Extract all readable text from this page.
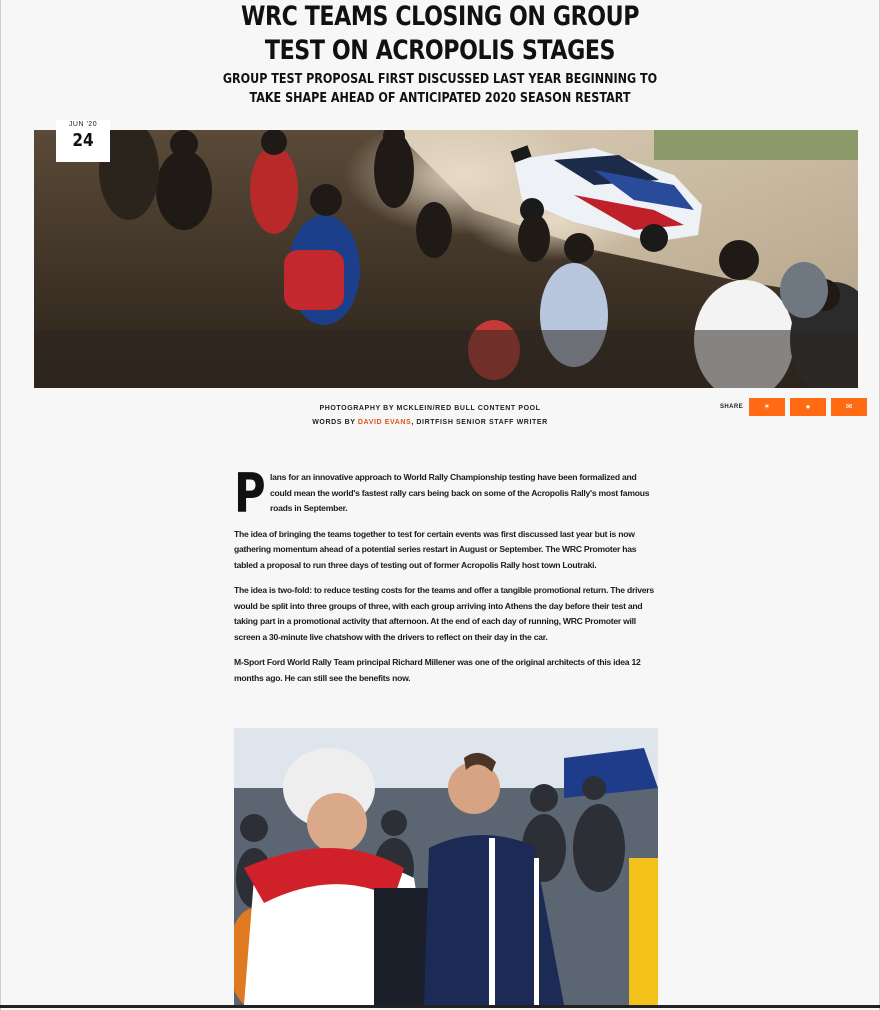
WRC TEAMS CLOSING ON GROUP
TEST ON ACROPOLIS STAGES
GROUP TEST PROPOSAL FIRST DISCUSSED LAST YEAR BEGINNING TO
TAKE SHAPE AHEAD OF ANTICIPATED 2020 SEASON RESTART
JUN '20
24
PHOTOGRAPHY BY MCKLEIN/RED BULL CONTENT POOL
WORDS BY DAVID EVANS, DIRTFISH SENIOR STAFF WRITER
SHARE	✶	●	✉

Plans for an innovative approach to World Rally Championship testing have been formalized and could mean the world's fastest rally cars being back on some of the Acropolis Rally's most famous roads in September.

The idea of bringing the teams together to test for certain events was first discussed last year but is now gathering momentum ahead of a potential series restart in August or September. The WRC Promoter has tabled a proposal to run three days of testing out of former Acropolis Rally host town Loutraki.

The idea is two-fold: to reduce testing costs for the teams and offer a tangible promotional return. The drivers would be split into three groups of three, with each group arriving into Athens the day before their test and taking part in a promotional activity that afternoon. At the end of each day of running, WRC Promoter will screen a 30-minute live chatshow with the drivers to reflect on their day in the car.

M-Sport Ford World Rally Team principal Richard Millener was one of the original architects of this idea 12 months ago. He can still see the benefits now.
